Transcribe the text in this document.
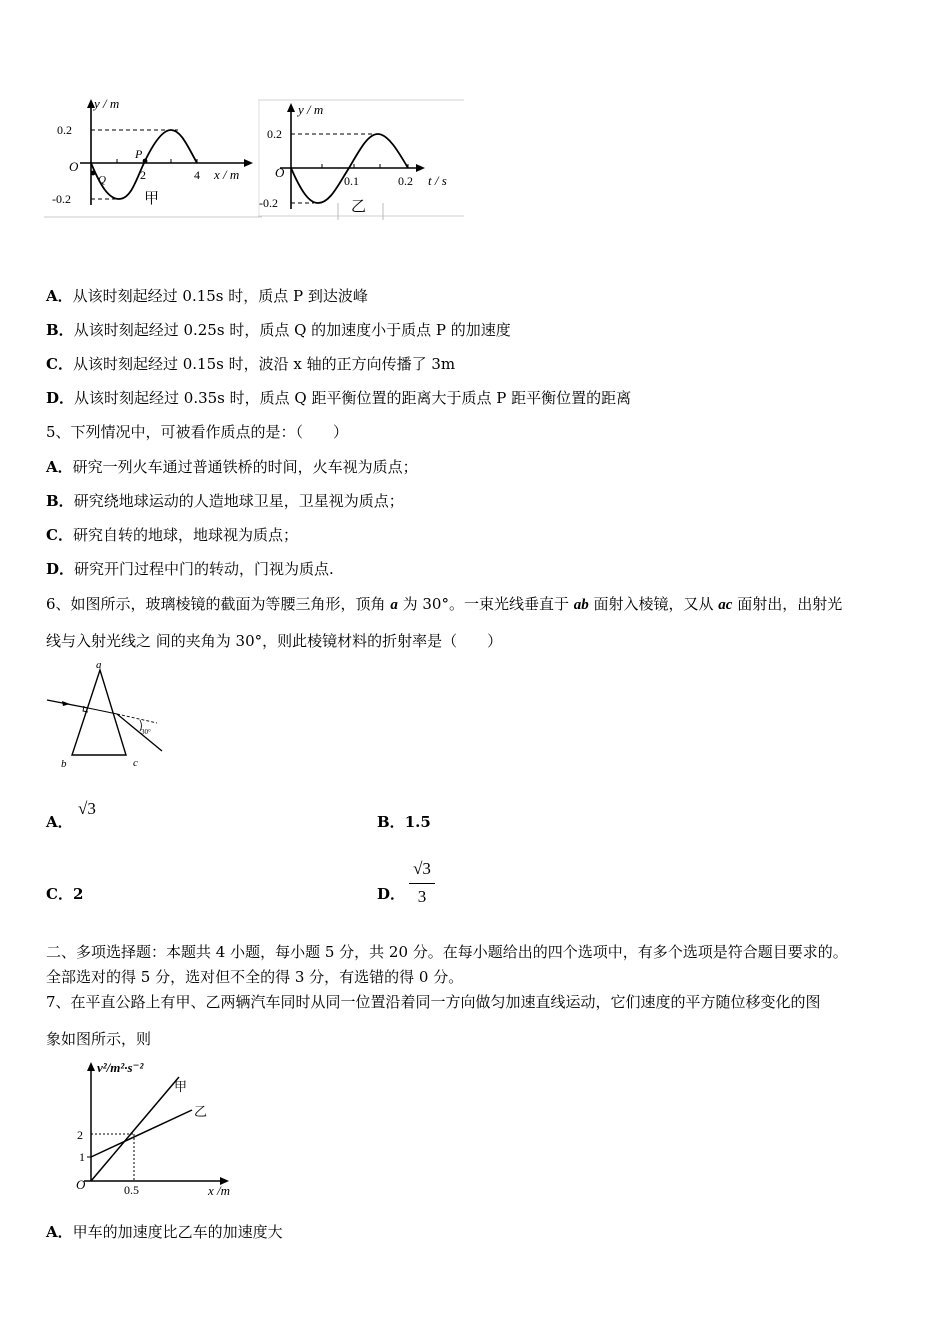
y / m
0.2
O
-0.2
Q
P
2	4 x / m
甲
y / m
0.2
O
-0.2
0.1	0.2 t / s
乙
A．从该时刻起经过 0.15s 时，质点 P 到达波峰
B．从该时刻起经过 0.25s 时，质点 Q 的加速度小于质点 P 的加速度
C．从该时刻起经过 0.15s 时，波沿 x 轴的正方向传播了 3m
D．从该时刻起经过 0.35s 时，质点 Q 距平衡位置的距离大于质点 P 距平衡位置的距离
5、下列情况中，可被看作质点的是：（　　）
A．研究一列火车通过普通铁桥的时间，火车视为质点；
B．研究绕地球运动的人造地球卫星，卫星视为质点；
C．研究自转的地球，地球视为质点；
D．研究开门过程中门的转动，门视为质点.
6、如图所示，玻璃棱镜的截面为等腰三角形，顶角 a 为 30°。一束光线垂直于 ab 面射入棱镜，又从 ac 面射出，出射光
线与入射光线之 间的夹角为 30°，则此棱镜材料的折射率是（　　）
a
b	c
30°
A．
√3
B．1.5
C．2	D．
√3
3
二、多项选择题：本题共 4 小题，每小题 5 分，共 20 分。在每小题给出的四个选项中，有多个选项是符合题目要求的。
全部选对的得 5 分，选对但不全的得 3 分，有选错的得 0 分。
7、在平直公路上有甲、乙两辆汽车同时从同一位置沿着同一方向做匀加速直线运动，它们速度的平方随位移变化的图
象如图所示，则
v²/m²·s⁻²
甲
乙
2
1
O	0.5	x /m
A．甲车的加速度比乙车的加速度大
